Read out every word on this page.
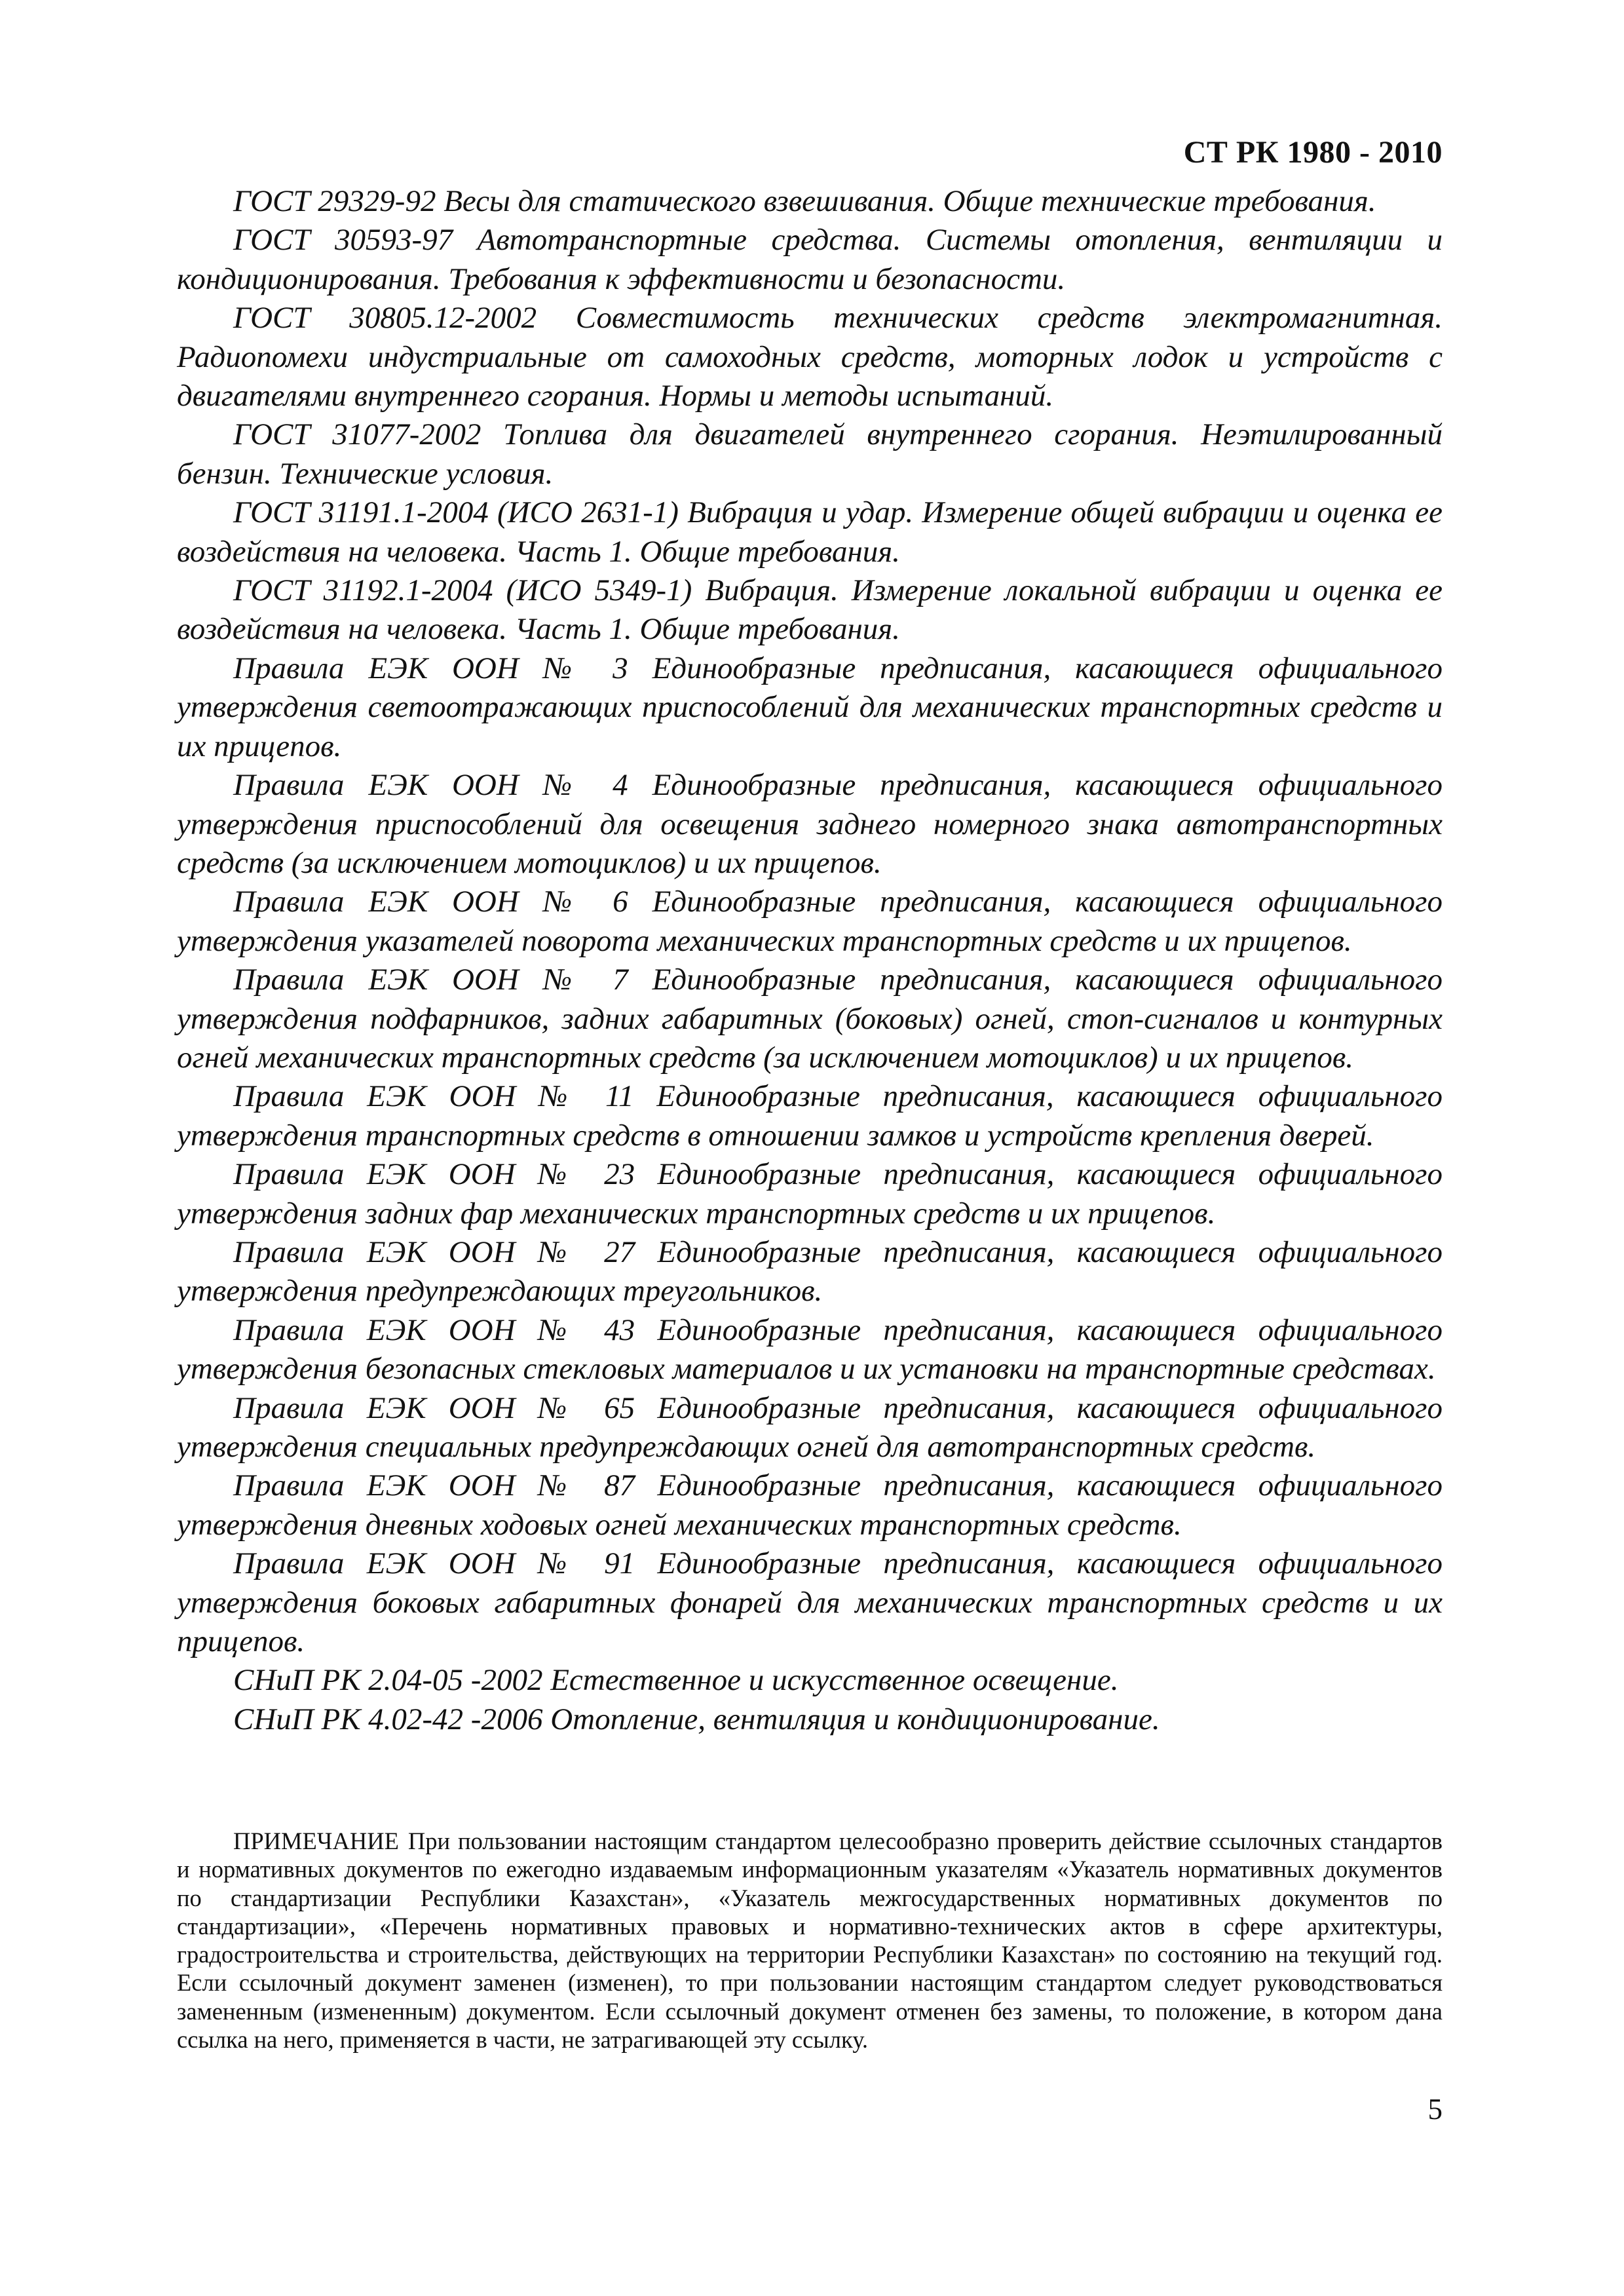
СТ РК 1980 - 2010

ГОСТ 29329-92 Весы для статического взвешивания. Общие технические требования.

ГОСТ 30593-97 Автотранспортные средства. Системы отопления, вентиляции и кондиционирования. Требования к эффективности и безопасности.

ГОСТ 30805.12-2002 Совместимость технических средств электромагнитная. Радиопомехи индустриальные от самоходных средств, моторных лодок и устройств с двигателями внутреннего сгорания. Нормы и методы испытаний.

ГОСТ 31077-2002 Топлива для двигателей внутреннего сгорания. Неэтилированный бензин. Технические условия.

ГОСТ 31191.1-2004 (ИСО 2631-1) Вибрация и удар. Измерение общей вибрации и оценка ее воздействия на человека. Часть 1. Общие требования.

ГОСТ 31192.1-2004 (ИСО 5349-1) Вибрация. Измерение локальной вибрации и оценка ее воздействия на человека. Часть 1. Общие требования.

Правила ЕЭК ООН № 3 Единообразные предписания, касающиеся официального утверждения светоотражающих приспособлений для механических транспортных средств и их прицепов.

Правила ЕЭК ООН № 4 Единообразные предписания, касающиеся официального утверждения приспособлений для освещения заднего номерного знака автотранспортных средств (за исключением мотоциклов) и их прицепов.

Правила ЕЭК ООН № 6 Единообразные предписания, касающиеся официального утверждения указателей поворота механических транспортных средств и их прицепов.

Правила ЕЭК ООН № 7 Единообразные предписания, касающиеся официального утверждения подфарников, задних габаритных (боковых) огней, стоп-сигналов и контурных огней механических транспортных средств (за исключением мотоциклов) и их прицепов.

Правила ЕЭК ООН № 11 Единообразные предписания, касающиеся официального утверждения транспортных средств в отношении замков и устройств крепления дверей.

Правила ЕЭК ООН № 23 Единообразные предписания, касающиеся официального утверждения задних фар механических транспортных средств и их прицепов.

Правила ЕЭК ООН № 27 Единообразные предписания, касающиеся официального утверждения предупреждающих треугольников.

Правила ЕЭК ООН № 43 Единообразные предписания, касающиеся официального утверждения безопасных стекловых материалов и их установки на транспортные средствах.

Правила ЕЭК ООН № 65 Единообразные предписания, касающиеся официального утверждения специальных предупреждающих огней для автотранспортных средств.

Правила ЕЭК ООН № 87 Единообразные предписания, касающиеся официального утверждения дневных ходовых огней механических транспортных средств.

Правила ЕЭК ООН № 91 Единообразные предписания, касающиеся официального утверждения боковых габаритных фонарей для механических транспортных средств и их прицепов.

СНиП РК 2.04-05 -2002 Естественное и искусственное освещение.

СНиП РК 4.02-42 -2006 Отопление, вентиляция и кондиционирование.

ПРИМЕЧАНИЕ При пользовании настоящим стандартом целесообразно проверить действие ссылочных стандартов и нормативных документов по ежегодно издаваемым информационным указателям «Указатель нормативных документов по стандартизации Республики Казахстан», «Указатель межгосударственных нормативных документов по стандартизации», «Перечень нормативных правовых и нормативно-технических актов в сфере архитектуры, градостроительства и строительства, действующих на территории Республики Казахстан» по состоянию на текущий год. Если ссылочный документ заменен (изменен), то при пользовании настоящим стандартом следует руководствоваться замененным (измененным) документом. Если ссылочный документ отменен без замены, то положение, в котором дана ссылка на него, применяется в части, не затрагивающей эту ссылку.

5
